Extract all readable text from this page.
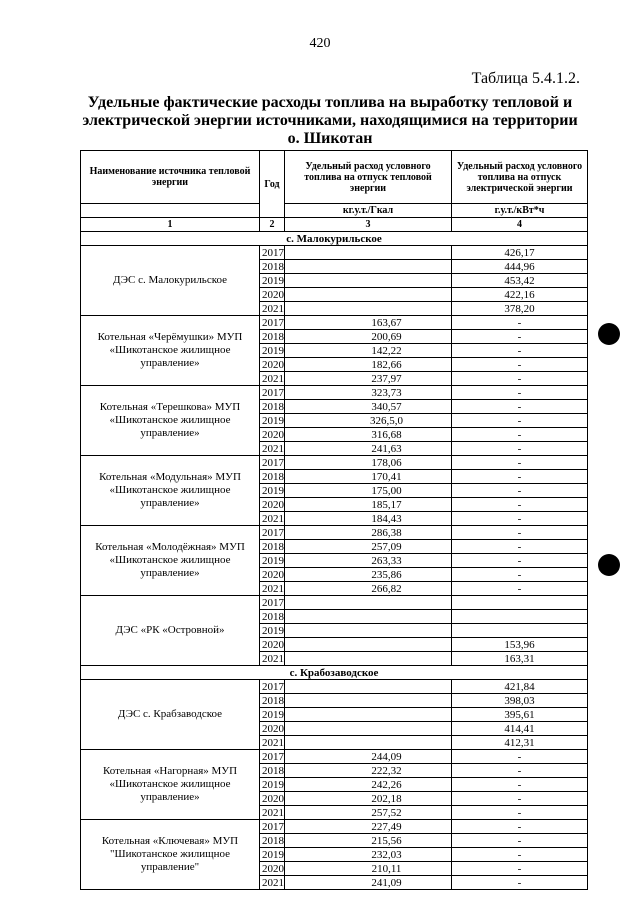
420
Таблица 5.4.1.2.
Удельные фактические расходы топлива на выработку тепловой и электрической энергии источниками, находящимися на территории о. Шикотан
Наименование источника тепловой энергии	Год	Удельный расход условного топлива на отпуск тепловой энергии	Удельный расход условного топлива на отпуск электрической энергии
		кг.у.т./Гкал	г.у.т./кВт*ч
1	2	3	4
с. Малокурильское			
ДЭС с. Малокурильское	2017		426,17
	2018		444,96
	2019		453,42
	2020		422,16
	2021		378,20
Котельная «Черёмушки» МУП «Шикотанское жилищное управление»	2017	163,67	-
	2018	200,69	-
	2019	142,22	-
	2020	182,66	-
	2021	237,97	-
Котельная «Терешкова» МУП «Шикотанское жилищное управление»	2017	323,73	-
	2018	340,57	-
	2019	326,5,0	-
	2020	316,68	-
	2021	241,63	-
Котельная «Модульная» МУП «Шикотанское жилищное управление»	2017	178,06	-
	2018	170,41	-
	2019	175,00	-
	2020	185,17	-
	2021	184,43	-
Котельная «Молодёжная» МУП «Шикотанское жилищное управление»	2017	286,38	-
	2018	257,09	-
	2019	263,33	-
	2020	235,86	-
	2021	266,82	-
ДЭС «РК «Островной»	2017		
	2018		
	2019		
	2020		153,96
	2021		163,31
с. Крабозаводское			
ДЭС с. Крабзаводское	2017		421,84
	2018		398,03
	2019		395,61
	2020		414,41
	2021		412,31
Котельная «Нагорная» МУП «Шикотанское жилищное управление»	2017	244,09	-
	2018	222,32	-
	2019	242,26	-
	2020	202,18	-
	2021	257,52	-
Котельная «Ключевая» МУП "Шикотанское жилищное управление"	2017	227,49	-
	2018	215,56	-
	2019	232,03	-
	2020	210,11	-
	2021	241,09	-
